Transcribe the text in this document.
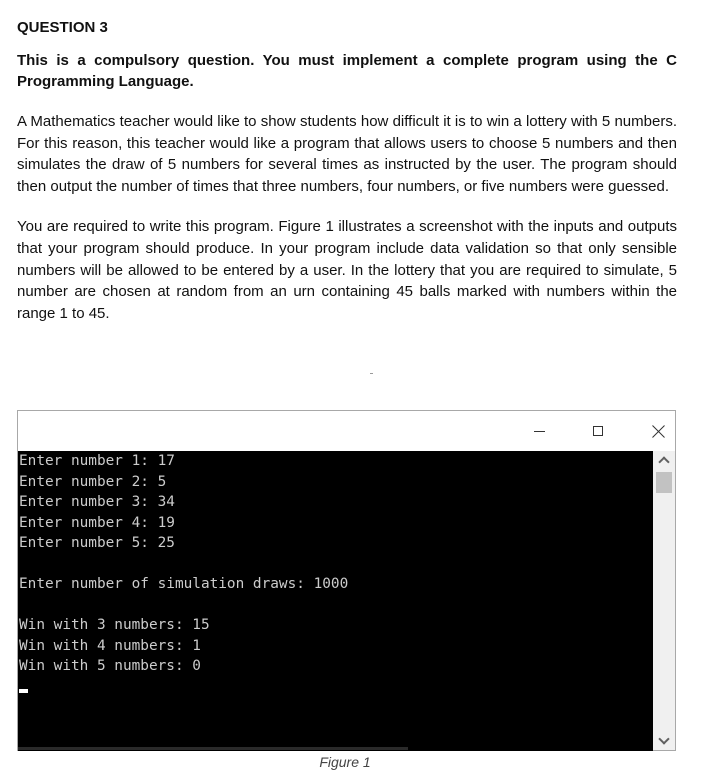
QUESTION 3
This is a compulsory question. You must implement a complete program using the C Programming Language.
A Mathematics teacher would like to show students how difficult it is to win a lottery with 5 numbers. For this reason, this teacher would like a program that allows users to choose 5 numbers and then simulates the draw of 5 numbers for several times as instructed by the user. The program should then output the number of times that three numbers, four numbers, or five numbers were guessed.
You are required to write this program. Figure 1 illustrates a screenshot with the inputs and outputs that your program should produce. In your program include data validation so that only sensible numbers will be allowed to be entered by a user. In the lottery that you are required to simulate, 5 number are chosen at random from an urn containing 45 balls marked with numbers within the range 1 to 45.
Enter number 1: 17
Enter number 2: 5
Enter number 3: 34
Enter number 4: 19
Enter number 5: 25
Enter number of simulation draws: 1000
Win with 3 numbers: 15
Win with 4 numbers: 1
Win with 5 numbers: 0
Figure 1
